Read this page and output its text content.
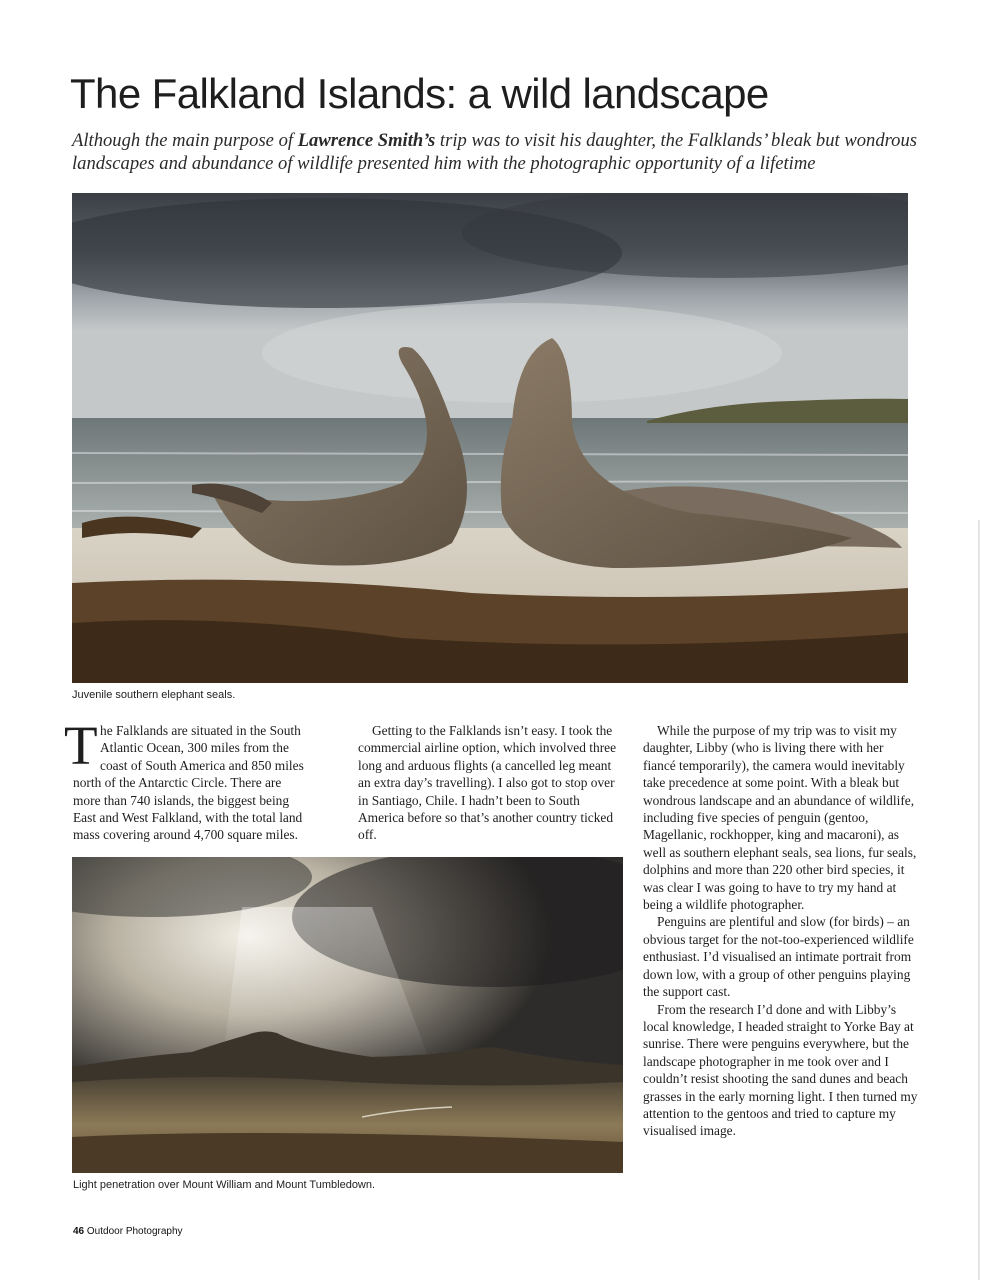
The Falkland Islands: a wild landscape

Although the main purpose of Lawrence Smith’s trip was to visit his daughter, the Falklands’ bleak but wondrous landscapes and abundance of wildlife presented him with the photographic opportunity of a lifetime

Juvenile southern elephant seals.

T he Falklands are situated in the South
Atlantic Ocean, 300 miles from the
coast of South America and 850 miles
north of the Antarctic Circle. There are
more than 740 islands, the biggest being
East and West Falkland, with the total land
mass covering around 4,700 square miles.

Getting to the Falklands isn’t easy. I took the commercial airline option, which involved three long and arduous flights (a cancelled leg meant an extra day’s travelling). I also got to stop over in Santiago, Chile. I hadn’t been to South America before so that’s another country ticked off.

While the purpose of my trip was to visit my daughter, Libby (who is living there with her fiancé temporarily), the camera would inevitably take precedence at some point. With a bleak but wondrous landscape and an abundance of wildlife, including five species of penguin (gentoo, Magellanic, rockhopper, king and macaroni), as well as southern elephant seals, sea lions, fur seals, dolphins and more than 220 other bird species, it was clear I was going to have to try my hand at being a wildlife photographer.

Penguins are plentiful and slow (for birds) – an obvious target for the not-too-experienced wildlife enthusiast. I’d visualised an intimate portrait from down low, with a group of other penguins playing the support cast.

From the research I’d done and with Libby’s local knowledge, I headed straight to Yorke Bay at sunrise. There were penguins everywhere, but the landscape photographer in me took over and I couldn’t resist shooting the sand dunes and beach grasses in the early morning light. I then turned my attention to the gentoos and tried to capture my visualised image.

Light penetration over Mount William and Mount Tumbledown.

46 Outdoor Photography
